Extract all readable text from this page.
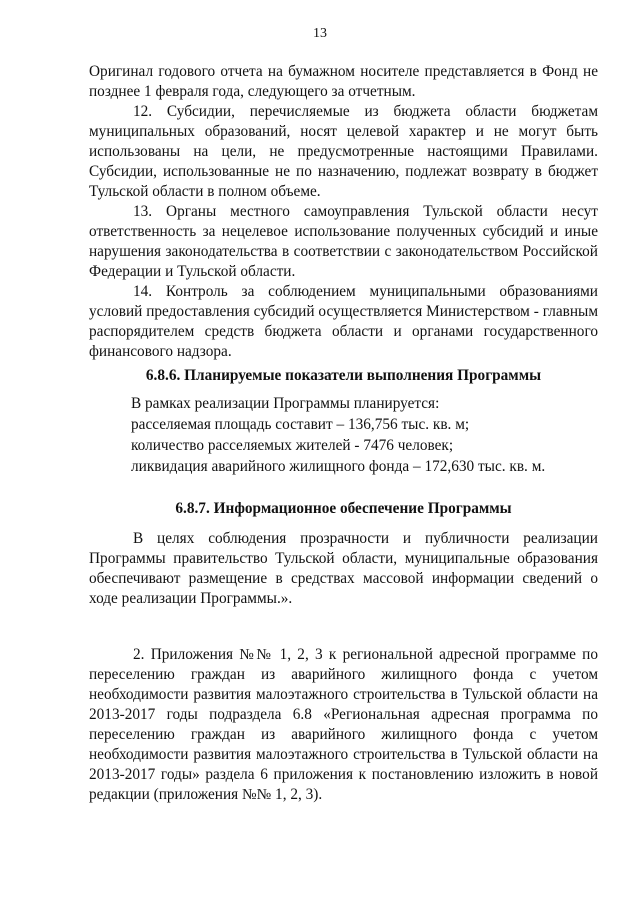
13

Оригинал годового отчета на бумажном носителе представляется в Фонд не позднее 1 февраля года, следующего за отчетным.

12. Субсидии, перечисляемые из бюджета области бюджетам муниципальных образований, носят целевой характер и не могут быть использованы на цели, не предусмотренные настоящими Правилами. Субсидии, использованные не по назначению, подлежат возврату в бюджет Тульской области в полном объеме.

13. Органы местного самоуправления Тульской области несут ответственность за нецелевое использование полученных субсидий и иные нарушения законодательства в соответствии с законодательством Российской Федерации и Тульской области.

14. Контроль за соблюдением муниципальными образованиями условий предоставления субсидий осуществляется Министерством - главным распорядителем средств бюджета области и органами государственного финансового надзора.

6.8.6. Планируемые показатели выполнения Программы

В рамках реализации Программы планируется:

расселяемая площадь составит – 136,756 тыс. кв. м;

количество расселяемых жителей - 7476 человек;

ликвидация аварийного жилищного фонда – 172,630 тыс. кв. м.

6.8.7. Информационное обеспечение Программы

В целях соблюдения прозрачности и публичности реализации Программы правительство Тульской области, муниципальные образования обеспечивают размещение в средствах массовой информации сведений о ходе реализации Программы.».

2. Приложения №№ 1, 2, 3 к региональной адресной программе по переселению граждан из аварийного жилищного фонда с учетом необходимости развития малоэтажного строительства в Тульской области на 2013-2017 годы подраздела 6.8 «Региональная адресная программа по переселению граждан из аварийного жилищного фонда с учетом необходимости развития малоэтажного строительства в Тульской области на 2013-2017 годы» раздела 6 приложения к постановлению изложить в новой редакции (приложения №№ 1, 2, 3).
